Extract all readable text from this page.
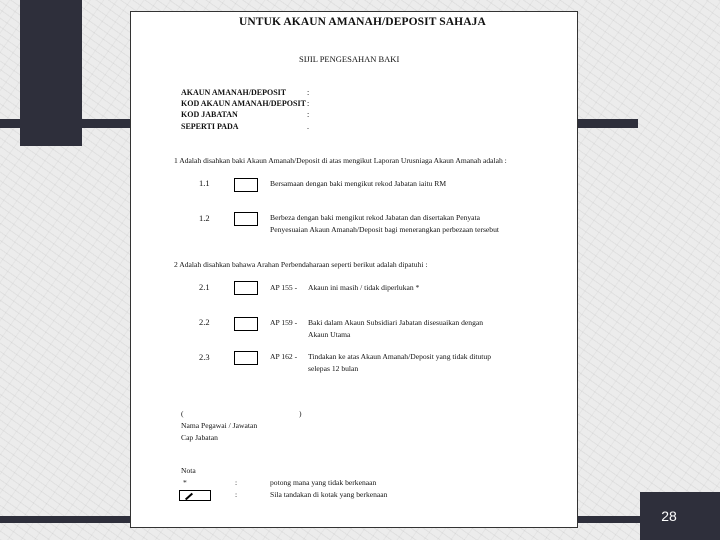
28
UNTUK AKAUN AMANAH/DEPOSIT SAHAJA
SIJIL PENGESAHAN BAKI
AKAUN AMANAH/DEPOSIT	:
KOD AKAUN AMANAH/DEPOSIT :
KOD JABATAN	:
SEPERTI PADA	.
1 Adalah disahkan baki Akaun Amanah/Deposit di atas mengikut Laporan Urusniaga Akaun Amanah adalah :
1.1	Bersamaan dengan baki mengikut rekod Jabatan iaitu RM
1.2	Berbeza dengan baki mengikut rekod Jabatan dan disertakan Penyata
Penyesuaian Akaun Amanah/Deposit bagi menerangkan perbezaan tersebut
2 Adalah disahkan bahawa Arahan Perbendaharaan seperti berikut adalah dipatuhi :
2.1	AP 155 - Akaun ini masih / tidak diperlukan *
2.2	AP 159 - Baki dalam Akaun Subsidiari Jabatan disesuaikan dengan
Akaun Utama
2.3	AP 162 - Tindakan ke atas Akaun Amanah/Deposit yang tidak ditutup
selepas 12 bulan
(	)
Nama Pegawai / Jawatan
Cap Jabatan
Nota
*	:	potong mana yang tidak berkenaan
:	Sila tandakan di kotak yang berkenaan
